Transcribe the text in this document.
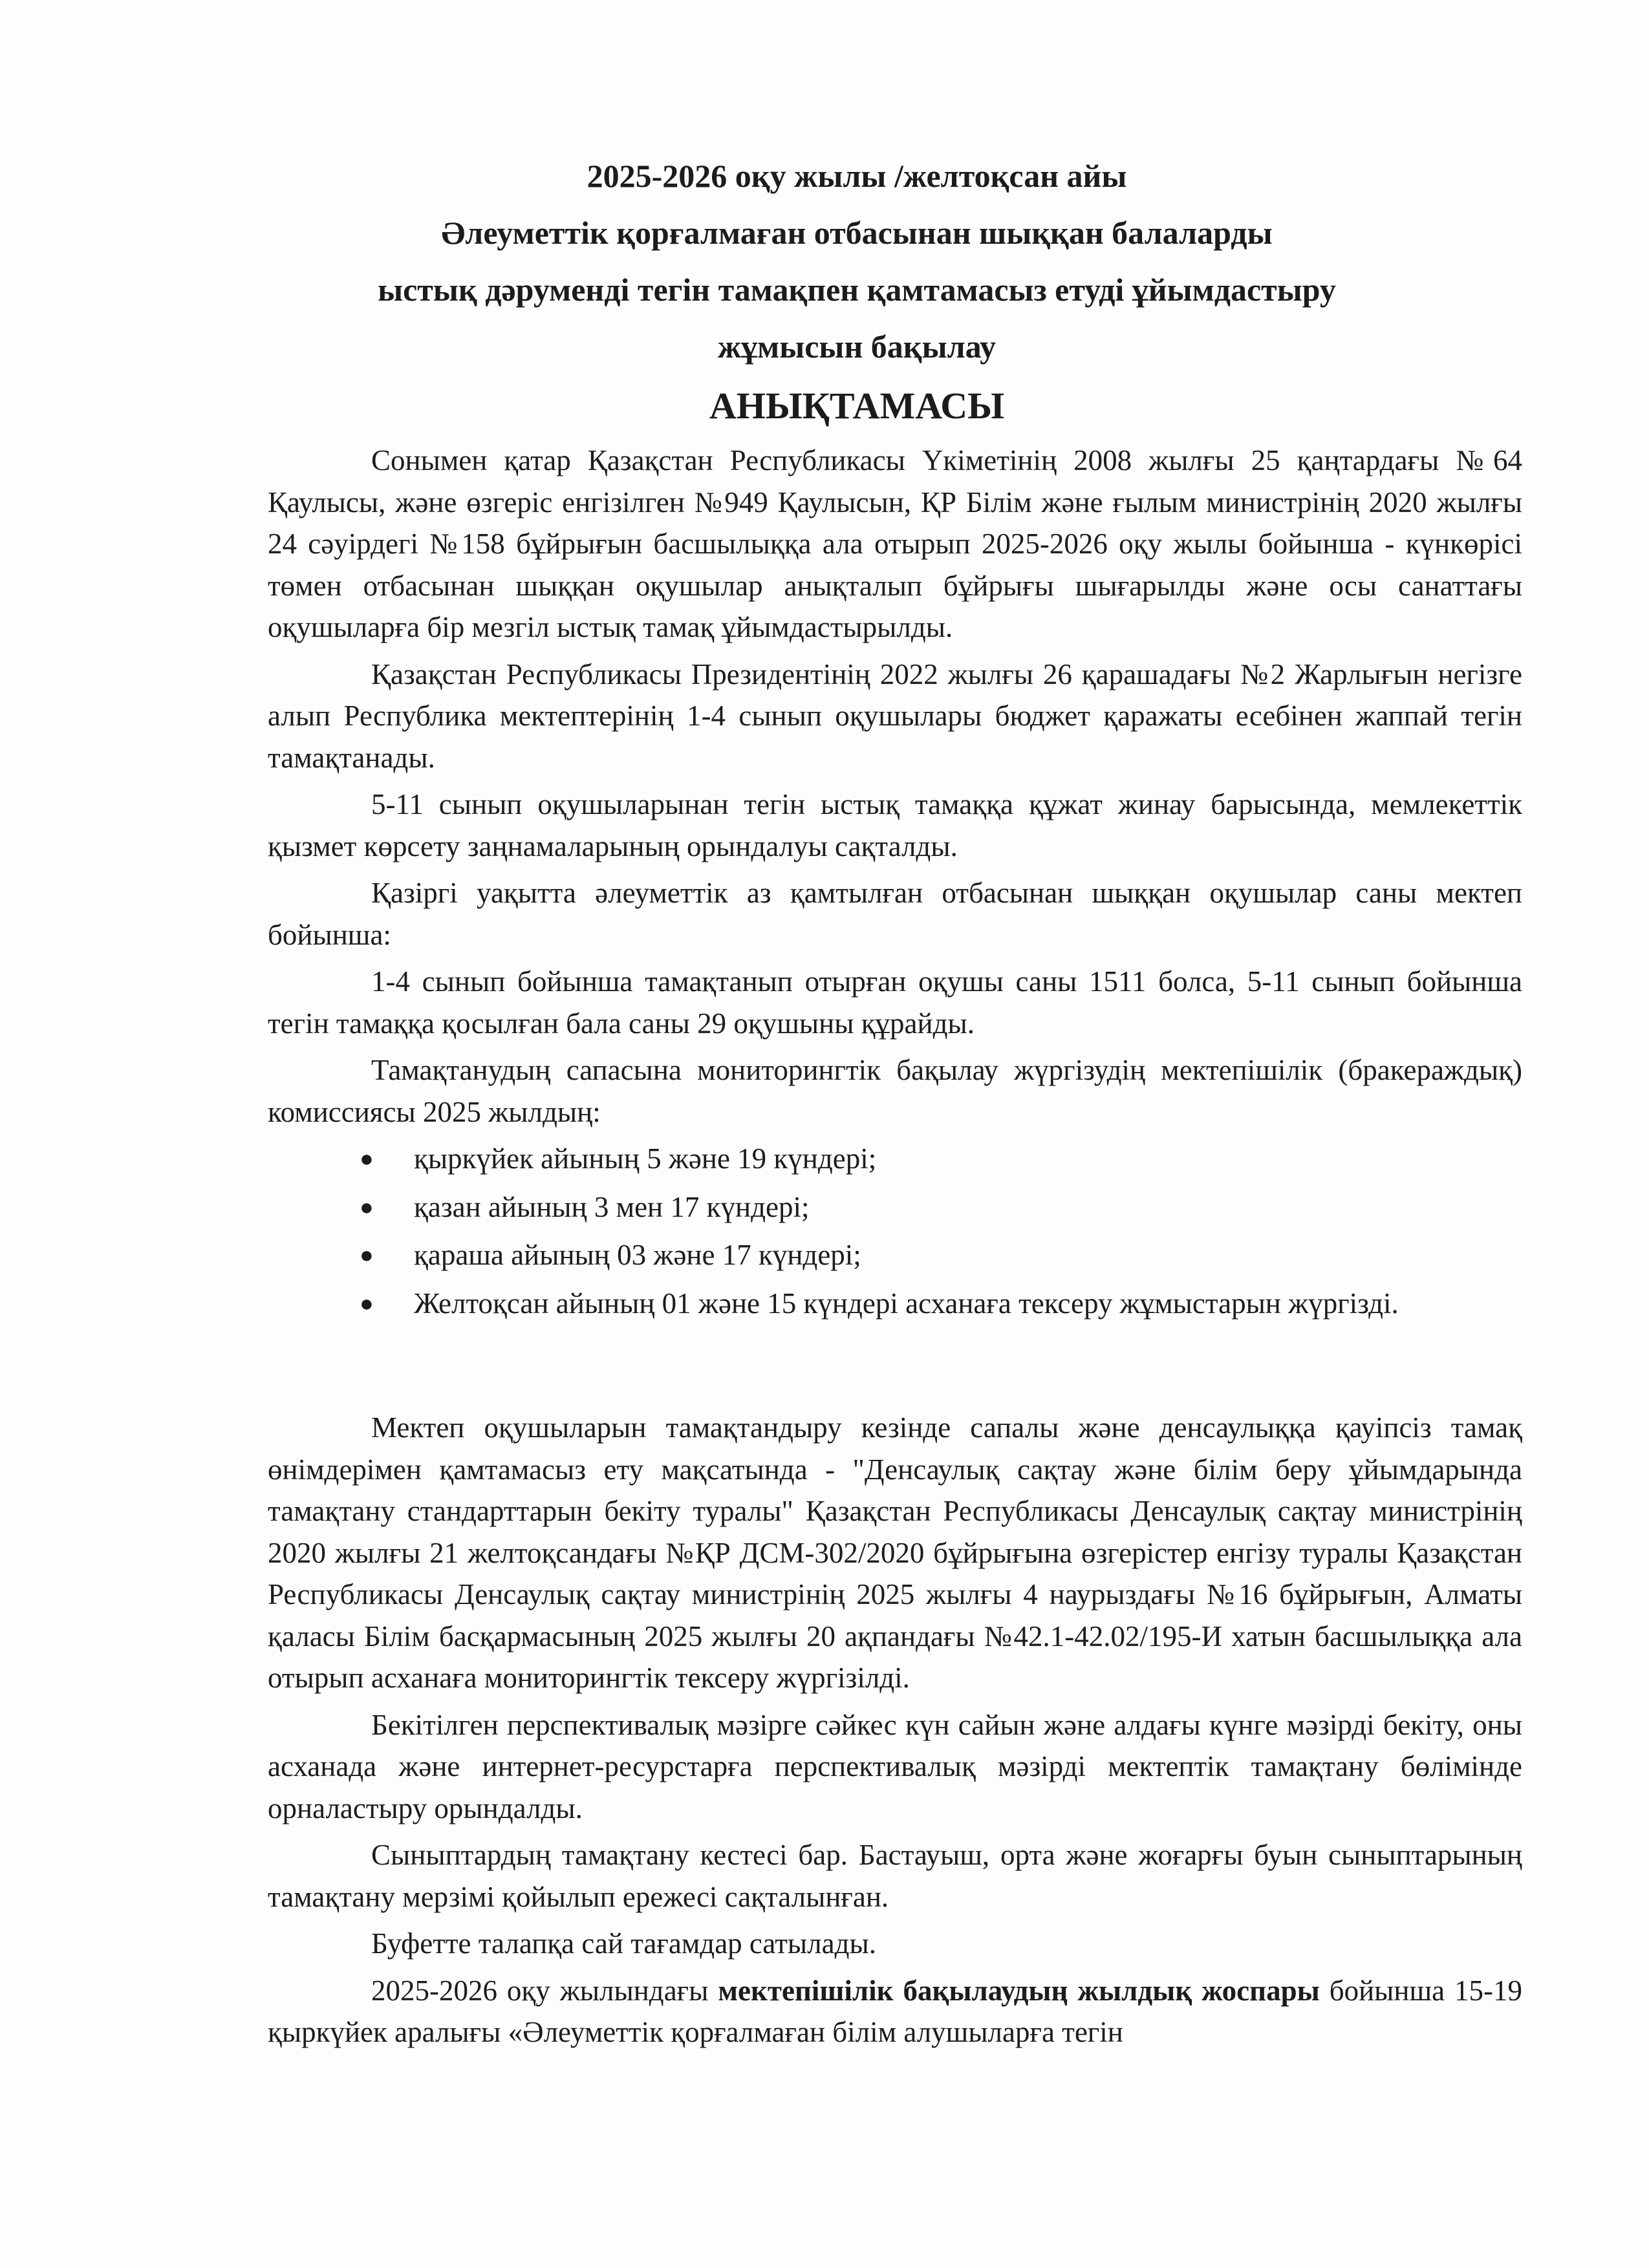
2025-2026 оқу жылы /желтоқсан айы
Әлеуметтік қорғалмаған отбасынан шыққан балаларды
ыстық дәруменді тегін тамақпен қамтамасыз етуді ұйымдастыру
жұмысын бақылау
АНЫҚТАМАСЫ

Сонымен қатар Қазақстан Республикасы Үкіметінің 2008 жылғы 25 қаңтардағы №64 Қаулысы, және өзгеріс енгізілген №949 Қаулысын, ҚР Білім және ғылым министрінің 2020 жылғы 24 сәуірдегі №158 бұйрығын басшылыққа ала отырып 2025-2026 оқу жылы бойынша - күнкөрісі төмен отбасынан шыққан оқушылар анықталып бұйрығы шығарылды және осы санаттағы оқушыларға бір мезгіл ыстық тамақ ұйымдастырылды.

Қазақстан Республикасы Президентінің 2022 жылғы 26 қарашадағы №2 Жарлығын негізге алып Республика мектептерінің 1-4 сынып оқушылары бюджет қаражаты есебінен жаппай тегін тамақтанады.

5-11 сынып оқушыларынан тегін ыстық тамаққа құжат жинау барысында, мемлекеттік қызмет көрсету заңнамаларының орындалуы сақталды.

Қазіргі уақытта әлеуметтік аз қамтылған отбасынан шыққан оқушылар саны мектеп бойынша:

1-4 сынып бойынша тамақтанып отырған оқушы саны 1511 болса, 5-11 сынып бойынша тегін тамаққа қосылған бала саны 29 оқушыны құрайды.

Тамақтанудың сапасына мониторингтік бақылау жүргізудің мектепішілік (бракераждық) комиссиясы 2025 жылдың:

● қыркүйек айының 5 және 19 күндері;
● қазан айының 3 мен 17 күндері;
● қараша айының 03 және 17 күндері;
● Желтоқсан айының 01 және 15 күндері асханаға тексеру жұмыстарын жүргізді.

Мектеп оқушыларын тамақтандыру кезінде сапалы және денсаулыққа қауіпсіз тамақ өнімдерімен қамтамасыз ету мақсатында - "Денсаулық сақтау және білім беру ұйымдарында тамақтану стандарттарын бекіту туралы" Қазақстан Республикасы Денсаулық сақтау министрінің 2020 жылғы 21 желтоқсандағы №ҚР ДСМ-302/2020 бұйрығына өзгерістер енгізу туралы Қазақстан Республикасы Денсаулық сақтау министрінің 2025 жылғы 4 наурыздағы №16 бұйрығын, Алматы қаласы Білім басқармасының 2025 жылғы 20 ақпандағы №42.1-42.02/195-И хатын басшылыққа ала отырып асханаға мониторингтік тексеру жүргізілді.

Бекітілген перспективалық мәзірге сәйкес күн сайын және алдағы күнге мәзірді бекіту, оны асханада және интернет-ресурстарға перспективалық мәзірді мектептік тамақтану бөлімінде орналастыру орындалды.

Сыныптардың тамақтану кестесі бар. Бастауыш, орта және жоғарғы буын сыныптарының тамақтану мерзімі қойылып ережесі сақталынған.

Буфетте талапқа сай тағамдар сатылады.

2025-2026 оқу жылындағы мектепішілік бақылаудың жылдық жоспары бойынша 15-19 қыркүйек аралығы «Әлеуметтік қорғалмаған білім алушыларға тегін
